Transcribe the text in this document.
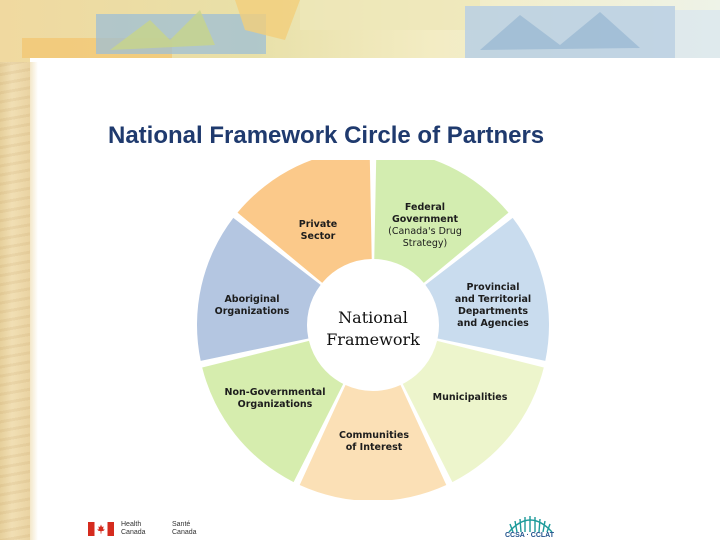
National Framework Circle of Partners

Federal
Government

(Canada's Drug
Strategy)

Provincial
and Territorial
Departments
and Agencies
Municipalities
Communities
of Interest
Non-Governmental
Organizations
Aboriginal
Organizations
Private
Sector
National
Framework
Health
Canada
Santé
Canada	CCSA · CCLAT
